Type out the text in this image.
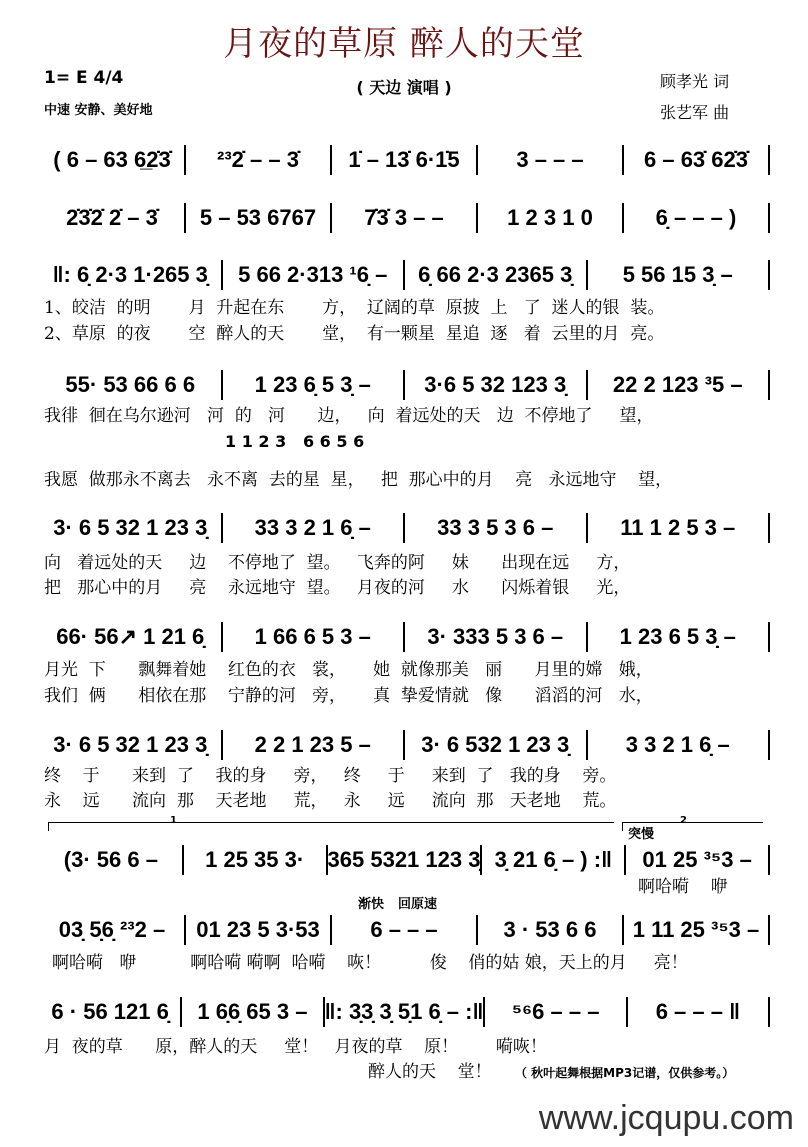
月夜的草原 醉人的天堂
1= E 4/4
中速 安静、美好地
( 天边 演唱 )	顾孝光 词
张艺军 曲
( 6 – 63 6̲2̇3̇	²³2̇ – – 3̇	1̇ – 13̇ 6·1̇5	3 – – –	6 – 63̇ 62̇3̇
2̇3̇2̇ 2̇ – 3̇	5 – 53 6767	7̇3̇ 3 – –	1 2 3 1 0	6̣ – – – )
‖: 6̣ 2·3 1·265 3̣	5 66 2·313 ¹6̣ –	6̣ 66 2·3 2365 3̣	5 56 15 3̣ –
55· 53 66 6 6	1 23 6̣ 5 3̣ –	3·6 5 32 123 3̣	22 2 123 ³5 –
3· 6 5 32 1 23 3̣	33 3 2 1 6̣ –	33 3 5 3 6 –	11 1 2 5 3 –
66· 56↗ 1 21 6̣	1 66 6 5 3 –	3· 333 5 3 6 –	1 23 6 5 3̣ –
3· 6 5 32 1 23 3̣	2 2 1 23 5 –	3· 6 532 1 23 3̣	3 3 2 1 6̣ –
(3· 56 6 –	1 25 35 3·	365 5321 123 3̣ 3̣ 21 6̣ – ) :‖	01 25 ³⁵3 –
03̣ 5̣6̣ ²³2 –	01 23 5 3·53	6 – – –	3 · 53 6 6	1 11 25 ³⁵3 –
6 · 56 121 6̣	1 6̣6̣ 65 3 – ‖: 3̣3̣ 3̣ 5̣1 6̣ – :‖	⁵⁶6 – – –	6 – – – ‖
1 1 2 3   6 6 5 6
1、皎洁  的明       月  升起在东       方，  辽阔的草  原披  上   了  迷人的银  装。
2、草原  的夜       空  醉人的天       堂，  有一颗星  星追  逐   着  云里的月  亮。
我徘  徊在乌尔逊河   河  的   河      边，   向  着远处的天   边  不停地了     望，
我愿  做那永不离去   永不离  去的星  星，   把  那心中的月    亮   永远地守    望，
向   着远处的天     边    不停地了  望。   飞奔的阿     妹      出现在远     方，
把   那心中的月     亮    永远地守  望。   月夜的河     水      闪烁着银     光，
月光  下      飘舞着她    红色的衣   裳，     她  就像那美   丽      月里的嫦   娥，
我们  俩      相依在那    宁静的河   旁，     真  挚爱情就   像      滔滔的河   水，
终    于      来到  了    我的身     旁，   终     于     来到  了   我的身    旁。
永    远      流向  那    天老地     荒，   永     远     流向  那   天老地    荒。
啊哈嗬    咿
啊哈嗬   咿          啊哈嗬 嗬啊  哈嗬    咴！         俊    俏的姑 娘，天上的月     亮！
月  夜的草      原，醉人的天     堂！   月夜的草    原！       嗬咴！
醉人的天    堂！ （ 秋叶起舞根据MP3记谱，仅供参考。）
1	2
突慢
渐快 回原速
www.jcqupu.com
